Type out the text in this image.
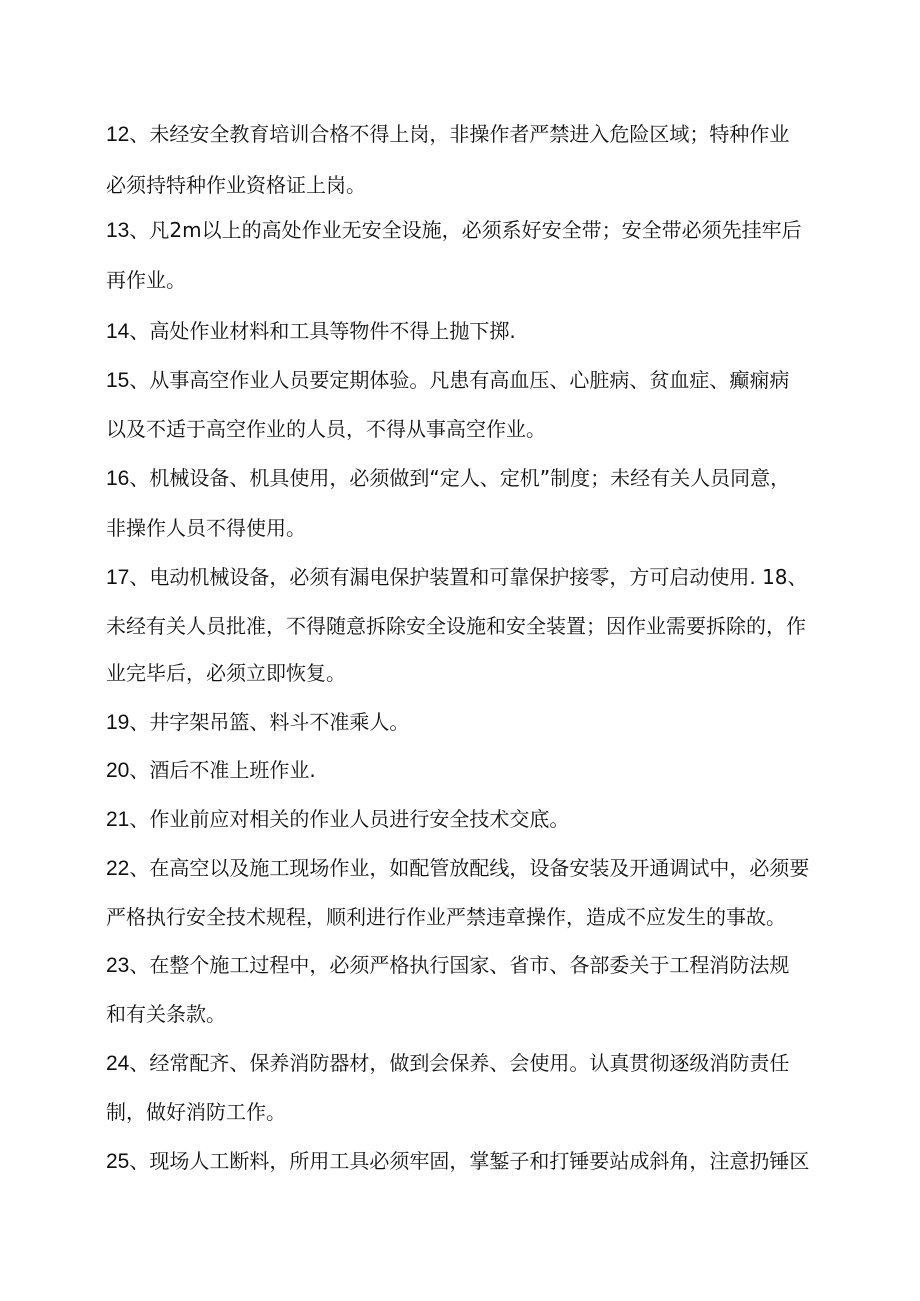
12、未经安全教育培训合格不得上岗，非操作者严禁进入危险区域；特种作业
必须持特种作业资格证上岗。
13、凡2m以上的高处作业无安全设施，必须系好安全带；安全带必须先挂牢后
再作业。
14、高处作业材料和工具等物件不得上抛下掷.
15、从事高空作业人员要定期体验。凡患有高血压、心脏病、贫血症、癫痫病
以及不适于高空作业的人员，不得从事高空作业。
16、机械设备、机具使用，必须做到“定人、定机”制度；未经有关人员同意，
非操作人员不得使用。
17、电动机械设备，必须有漏电保护装置和可靠保护接零，方可启动使用. 18、
未经有关人员批准，不得随意拆除安全设施和安全装置；因作业需要拆除的，作
业完毕后，必须立即恢复。
19、井字架吊篮、料斗不准乘人。
20、酒后不准上班作业.
21、作业前应对相关的作业人员进行安全技术交底。
22、在高空以及施工现场作业，如配管放配线，设备安装及开通调试中，必须要
严格执行安全技术规程，顺利进行作业严禁违章操作，造成不应发生的事故。
23、在整个施工过程中，必须严格执行国家、省市、各部委关于工程消防法规
和有关条款。
24、经常配齐、保养消防器材，做到会保养、会使用。认真贯彻逐级消防责任
制，做好消防工作。
25、现场人工断料，所用工具必须牢固，掌錾子和打锤要站成斜角，注意扔锤区
